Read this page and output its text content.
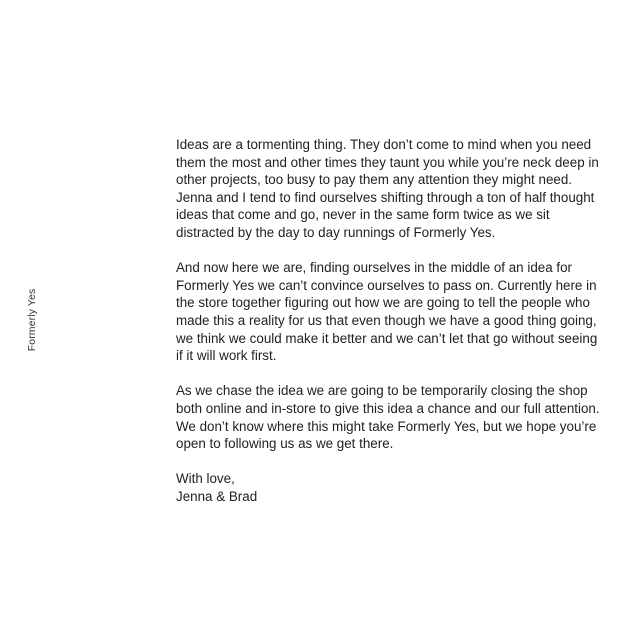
Formerly Yes

Ideas are a tormenting thing. They don’t come to mind when you need them the most and other times they taunt you while you’re neck deep in other projects, too busy to pay them any attention they might need. Jenna and I tend to find ourselves shifting through a ton of half thought ideas that come and go, never in the same form twice as we sit distracted by the day to day runnings of Formerly Yes.

And now here we are, finding ourselves in the middle of an idea for Formerly Yes we can’t convince ourselves to pass on. Currently here in the store together figuring out how we are going to tell the people who made this a reality for us that even though we have a good thing going, we think we could make it better and we can’t let that go without seeing if it will work first.

As we chase the idea we are going to be temporarily closing the shop both online and in-store to give this idea a chance and our full attention. We don’t know where this might take Formerly Yes, but we hope you’re open to following us as we get there.

With love,
Jenna & Brad
